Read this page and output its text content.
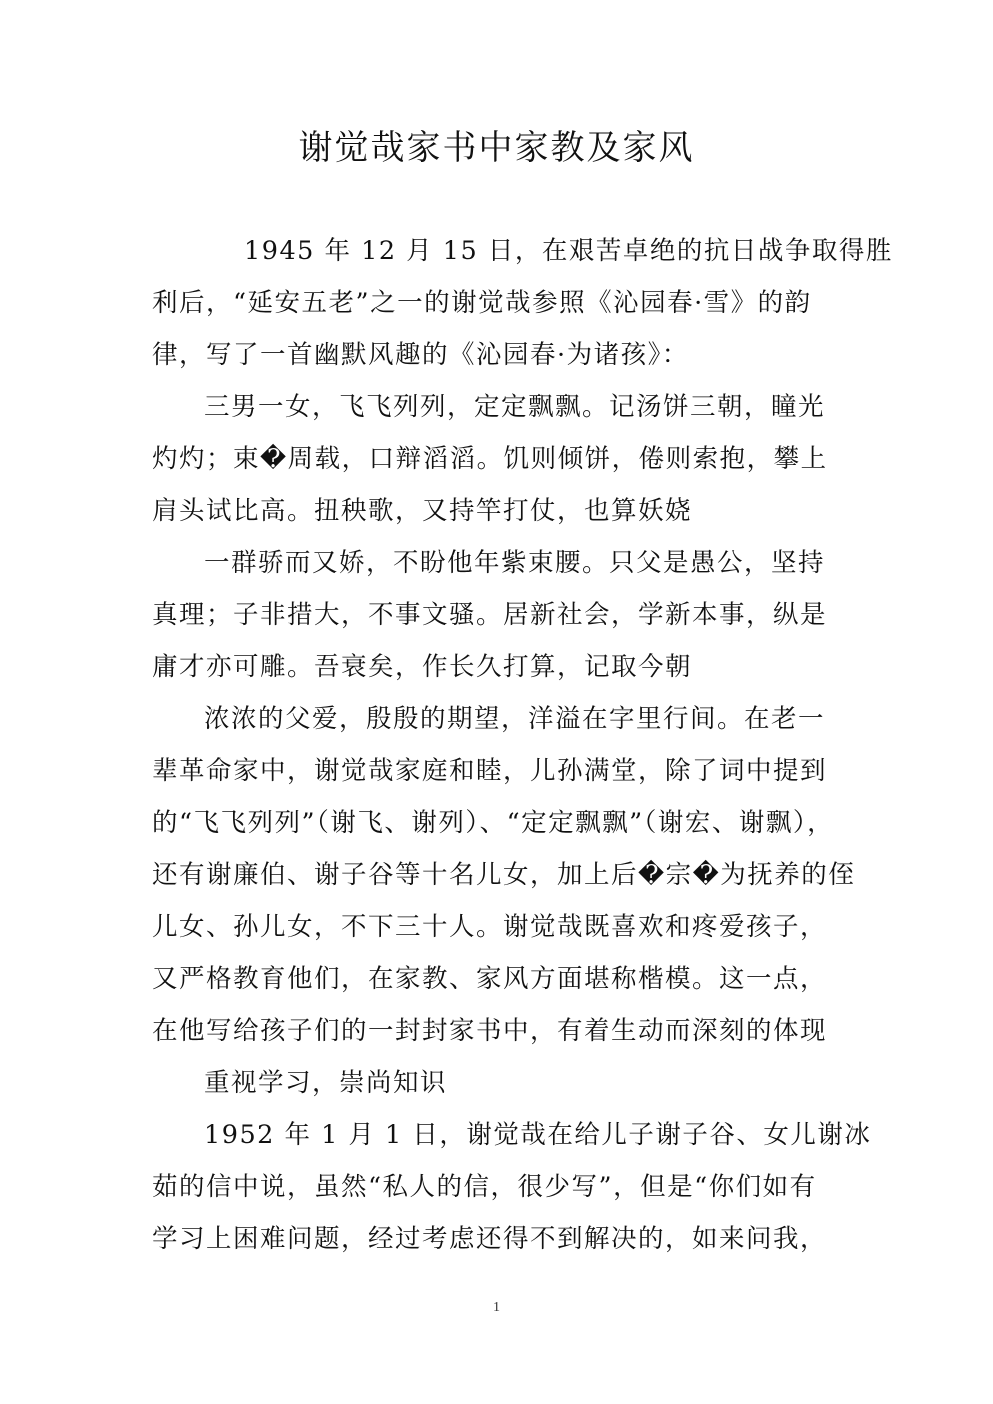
谢觉哉家书中家教及家风

1945 年 12 月 15 日，在艰苦卓绝的抗日战争取得胜
利后，“延安五老”之一的谢觉哉参照《沁园春·雪》的韵
律，写了一首幽默风趣的《沁园春·为诸孩》：

三男一女，飞飞列列，定定飘飘。记汤饼三朝，瞳光
灼灼；束�周载，口辩滔滔。饥则倾饼，倦则索抱，攀上
肩头试比高。扭秧歌，又持竿打仗，也算妖娆

一群骄而又娇，不盼他年紫束腰。只父是愚公，坚持
真理；子非措大，不事文骚。居新社会，学新本事，纵是
庸才亦可雕。吾衰矣，作长久打算，记取今朝

浓浓的父爱，殷殷的期望，洋溢在字里行间。在老一
辈革命家中，谢觉哉家庭和睦，儿孙满堂，除了词中提到
的“飞飞列列”（谢飞、谢列）、“定定飘飘”（谢宏、谢飘），
还有谢廉伯、谢子谷等十名儿女，加上后�宗�为抚养的侄
儿女、孙儿女，不下三十人。谢觉哉既喜欢和疼爱孩子，
又严格教育他们，在家教、家风方面堪称楷模。这一点，
在他写给孩子们的一封封家书中，有着生动而深刻的体现

重视学习，崇尚知识

1952 年 1 月 1 日，谢觉哉在给儿子谢子谷、女儿谢冰
茹的信中说，虽然“私人的信，很少写”，但是“你们如有
学习上困难问题，经过考虑还得不到解决的，如来问我，

1
